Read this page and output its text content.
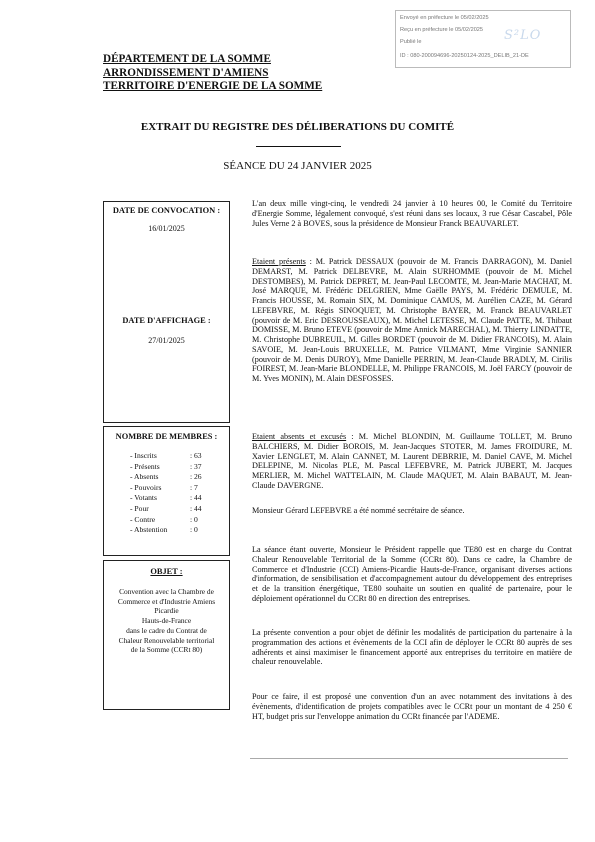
Envoyé en préfecture le 05/02/2025
Reçu en préfecture le 05/02/2025
Publié le
ID : 080-200094696-20250124-2025_DELIB_21-DE
S²LO
DÉPARTEMENT DE LA SOMME
ARRONDISSEMENT D'AMIENS
TERRITOIRE D'ENERGIE DE LA SOMME
EXTRAIT DU REGISTRE DES DÉLIBERATIONS DU COMITÉ
SÉANCE DU 24 JANVIER 2025
DATE DE CONVOCATION :
16/01/2025
DATE D'AFFICHAGE :
27/01/2025
NOMBRE DE MEMBRES :
- Inscrits	: 63
- Présents	: 37
- Absents	: 26
- Pouvoirs	: 7
- Votants	: 44
- Pour	: 44
- Contre	: 0
- Abstention	: 0
OBJET :
Convention avec la Chambre de
Commerce et d'Industrie Amiens
Picardie
Hauts-de-France
dans le cadre du Contrat de
Chaleur Renouvelable territorial
de la Somme (CCRt 80)
L'an deux mille vingt-cinq, le vendredi 24 janvier à 10 heures 00, le Comité du Territoire d'Energie Somme, légalement convoqué, s'est réuni dans ses locaux, 3 rue César Cascabel, Pôle Jules Verne 2 à BOVES, sous la présidence de Monsieur Franck BEAUVARLET.
Etaient présents : M. Patrick DESSAUX (pouvoir de M. Francis DARRAGON), M. Daniel DEMARST, M. Patrick DELBEVRE, M. Alain SURHOMME (pouvoir de M. Michel DESTOMBES), M. Patrick DEPRET, M. Jean-Paul LECOMTE, M. Jean-Marie MACHAT, M. José MARQUE, M. Frédéric DELGRIEN, Mme Gaëlle PAYS, M. Frédéric DEMULE, M. Francis HOUSSE, M. Romain SIX, M. Dominique CAMUS, M. Aurélien CAZE, M. Gérard LEFEBVRE, M. Régis SINOQUET, M. Christophe BAYER, M. Franck BEAUVARLET (pouvoir de M. Eric DESROUSSEAUX), M. Michel LETESSE, M. Claude PATTE, M. Thibaut DOMISSE, M. Bruno ETEVE (pouvoir de Mme Annick MARECHAL), M. Thierry LINDATTE, M. Christophe DUBREUIL, M. Gilles BORDET (pouvoir de M. Didier FRANCOIS), M. Alain SAVOIE, M. Jean-Louis BRUXELLE, M. Patrice VILMANT, Mme Virginie SANNIER (pouvoir de M. Denis DUROY), Mme Danielle PERRIN, M. Jean-Claude BRADLY, M. Cirilis FOIREST, M. Jean-Marie BLONDELLE, M. Philippe FRANCOIS, M. Joël FARCY (pouvoir de M. Yves MONIN), M. Alain DESFOSSES.
Etaient absents et excusés : M. Michel BLONDIN, M. Guillaume TOLLET, M. Bruno BALCHIERS, M. Didier BOROIS, M. Jean-Jacques STOTER, M. James FROIDURE, M. Xavier LENGLET, M. Alain CANNET, M. Laurent DEBRRIE, M. Daniel CAVE, M. Michel DELEPINE, M. Nicolas PLE, M. Pascal LEFEBVRE, M. Patrick JUBERT, M. Jacques MERLIER, M. Michel WATTELAIN, M. Claude MAQUET, M. Alain BABAUT, M. Jean-Claude DAVERGNE.
Monsieur Gérard LEFEBVRE a été nommé secrétaire de séance.
La séance étant ouverte, Monsieur le Président rappelle que TE80 est en charge du Contrat Chaleur Renouvelable Territorial de la Somme (CCRt 80). Dans ce cadre, la Chambre de Commerce et d'Industrie (CCI) Amiens-Picardie Hauts-de-France, organisant diverses actions d'information, de sensibilisation et d'accompagnement autour du développement des entreprises et de la transition énergétique, TE80 souhaite un soutien en qualité de partenaire, pour le déploiement opérationnel du CCRt 80 en direction des entreprises.
La présente convention a pour objet de définir les modalités de participation du partenaire à la programmation des actions et évènements de la CCI afin de déployer le CCRt 80 auprès de ses adhérents et ainsi maximiser le financement apporté aux entreprises du territoire en matière de chaleur renouvelable.
Pour ce faire, il est proposé une convention d'un an avec notamment des invitations à des évènements, d'identification de projets compatibles avec le CCRt pour un montant de 4 250 € HT, budget pris sur l'enveloppe animation du CCRt financée par l'ADEME.
